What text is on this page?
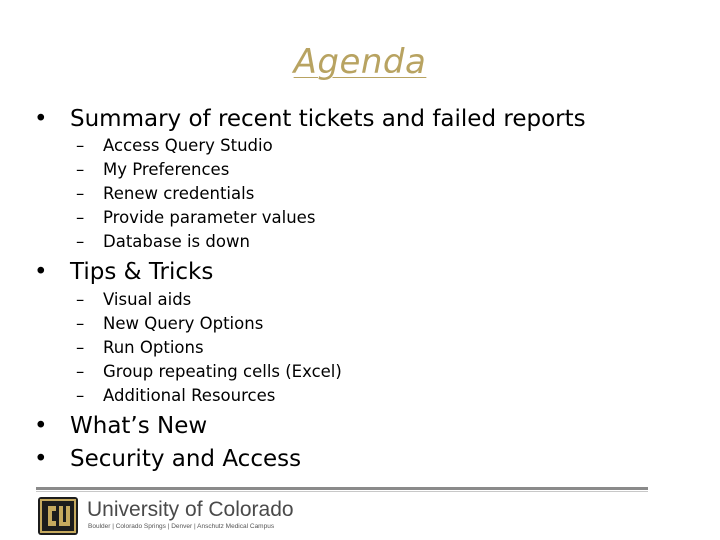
Agenda
• Summary of recent tickets and failed reports
– Access Query Studio
– My Preferences
– Renew credentials
– Provide parameter values
– Database is down
• Tips & Tricks
– Visual aids
– New Query Options
– Run Options
– Group repeating cells (Excel)
– Additional Resources
• What’s New
• Security and Access
University of Colorado
Boulder | Colorado Springs | Denver | Anschutz Medical Campus
